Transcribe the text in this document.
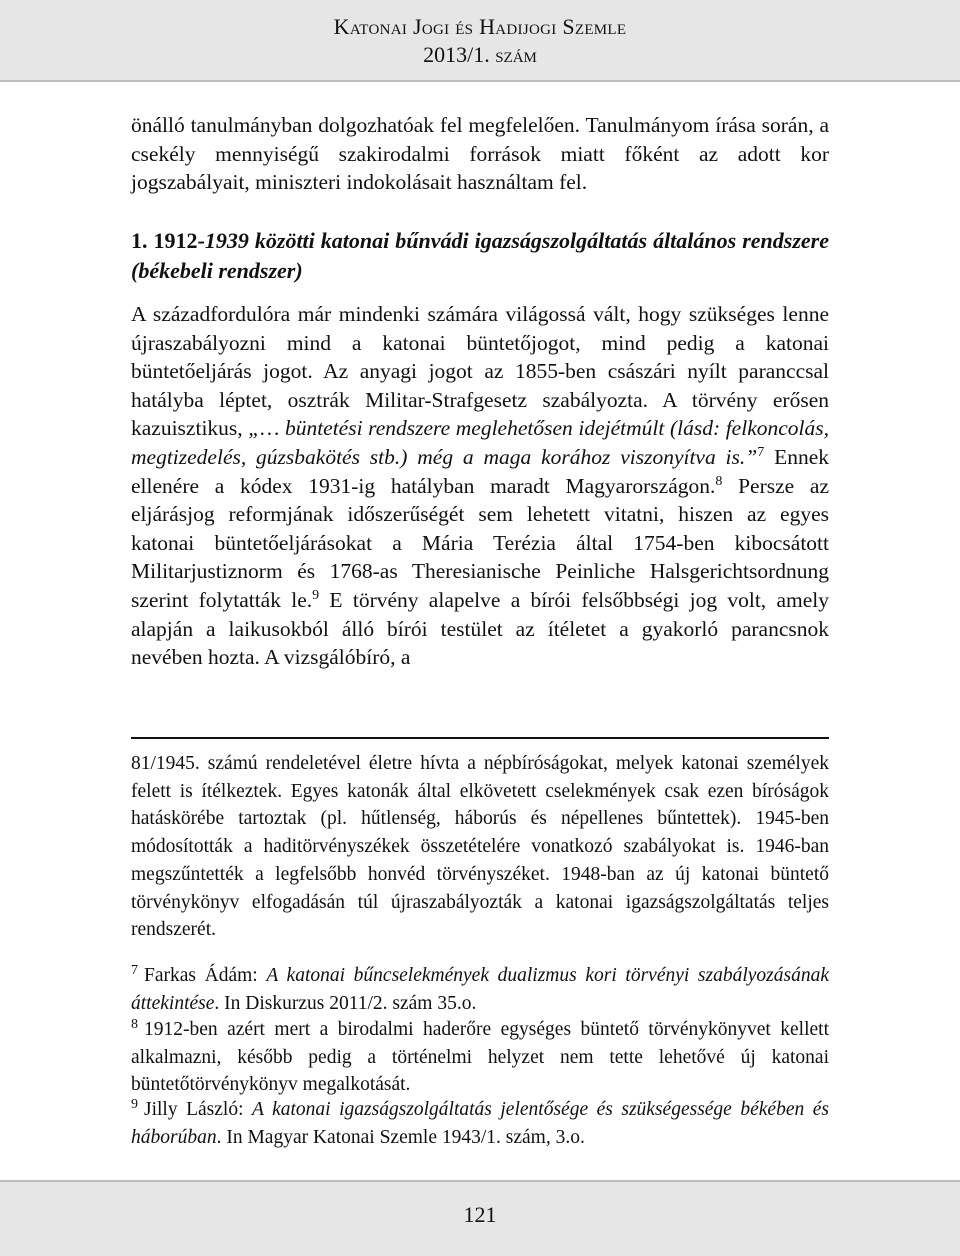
Katonai Jogi és Hadijogi Szemle
2013/1. szám
önálló tanulmányban dolgozhatóak fel megfelelően. Tanulmányom írása során, a csekély mennyiségű szakirodalmi források miatt főként az adott kor jogszabályait, miniszteri indokolásait használtam fel.
1. 1912-1939 közötti katonai bűnvádi igazságszolgáltatás általános rendszere (békebeli rendszer)
A századfordulóra már mindenki számára világossá vált, hogy szükséges lenne újraszabályozni mind a katonai büntetőjogot, mind pedig a katonai büntetőeljárás jogot. Az anyagi jogot az 1855-ben császári nyílt paranccsal hatályba léptet, osztrák Militar-Strafgesetz szabályozta. A törvény erősen kazuisztikus, „… büntetési rendszere meglehetősen idejétmúlt (lásd: felkoncolás, megtizedelés, gúzsbakötés stb.) még a maga korához viszonyítva is.”$^7$ Ennek ellenére a kódex 1931-ig hatályban maradt Magyarországon.$^8$ Persze az eljárásjog reformjának időszerűségét sem lehetett vitatni, hiszen az egyes katonai büntetőeljárásokat a Mária Terézia által 1754-ben kibocsátott Militarjustiznorm és 1768-as Theresianische Peinliche Halsgerichtsordnung szerint folytatták le.$^9$ E törvény alapelve a bírói felsőbbségi jog volt, amely alapján a laikusokból álló bírói testület az ítéletet a gyakorló parancsnok nevében hozta. A vizsgálóbíró, a
81/1945. számú rendeletével életre hívta a népbíróságokat, melyek katonai személyek felett is ítélkeztek. Egyes katonák által elkövetett cselekmények csak ezen bíróságok hatáskörébe tartoztak (pl. hűtlenség, háborús és népellenes bűntettek). 1945-ben módosították a haditörvényszékek összetételére vonatkozó szabályokat is. 1946-ban megszűntették a legfelsőbb honvéd törvényszéket. 1948-ban az új katonai büntető törvénykönyv elfogadásán túl újraszabályozták a katonai igazságszolgáltatás teljes rendszerét.
$^7$ Farkas Ádám: A katonai bűncselekmények dualizmus kori törvényi szabályozásának áttekintése. In Diskurzus 2011/2. szám 35.o.
$^8$ 1912-ben azért mert a birodalmi haderőre egységes büntető törvénykönyvet kellett alkalmazni, később pedig a történelmi helyzet nem tette lehetővé új katonai büntetőtörvénykönyv megalkotását.
$^9$ Jilly László: A katonai igazságszolgáltatás jelentősége és szükségessége békében és háborúban. In Magyar Katonai Szemle 1943/1. szám, 3.o.
121
